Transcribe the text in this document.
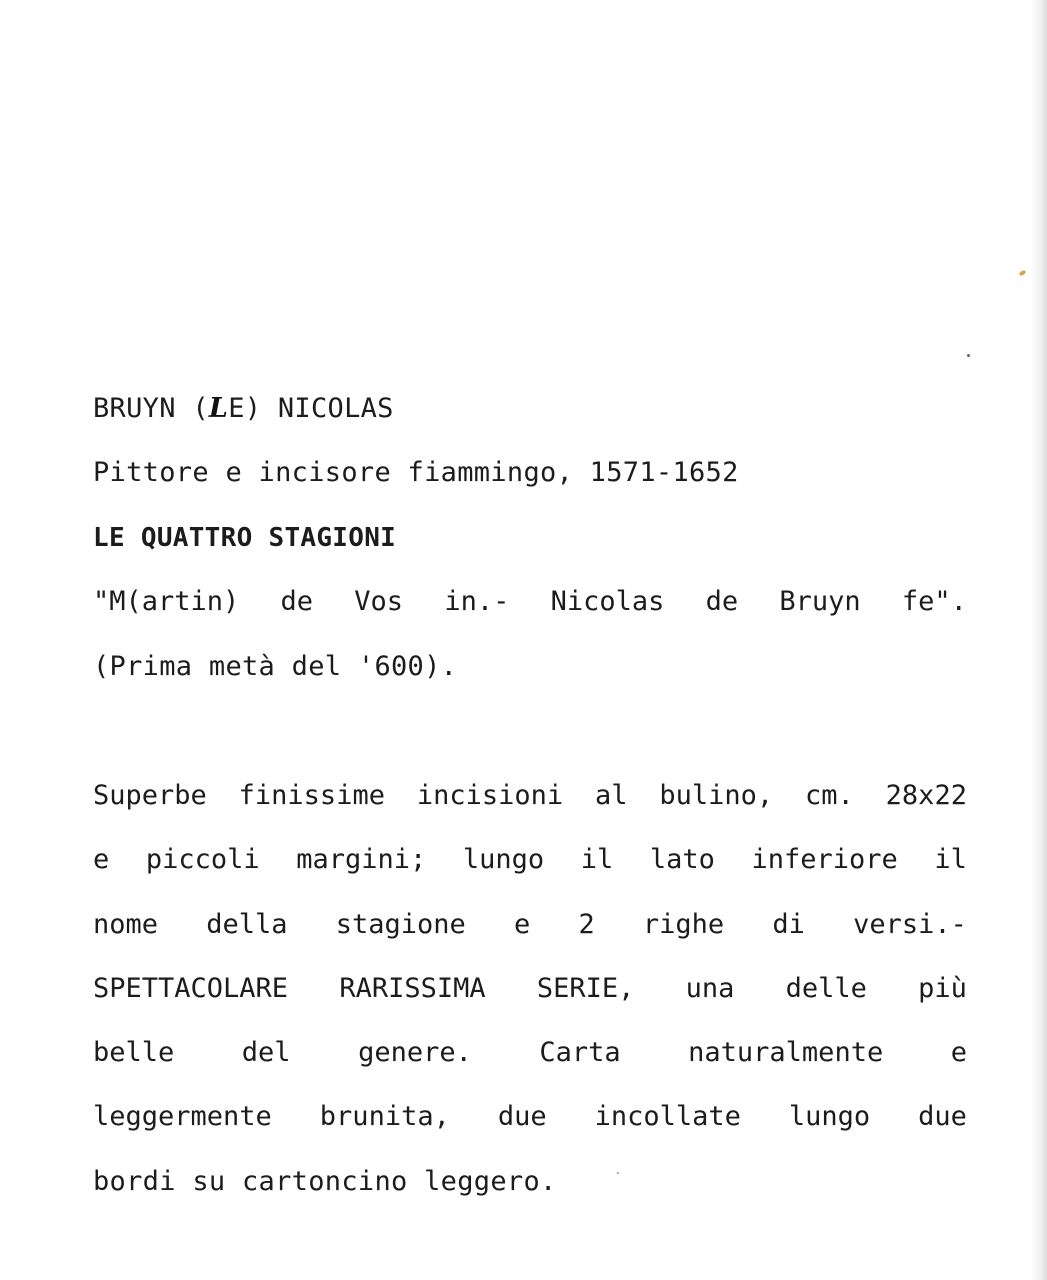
BRUYN (LE) NICOLAS
Pittore e incisore fiammingo, 1571-1652
LE QUATTRO STAGIONI
"M(artin) de Vos in.- Nicolas de Bruyn fe".
(Prima metà del '600).
Superbe finissime incisioni al bulino, cm. 28x22
e piccoli margini; lungo il lato inferiore il
nome della stagione e 2 righe di versi.-
SPETTACOLARE RARISSIMA SERIE, una delle più
belle	del	genere.	Carta	naturalmente	e
leggermente brunita, due incollate lungo due
bordi su cartoncino leggero.
